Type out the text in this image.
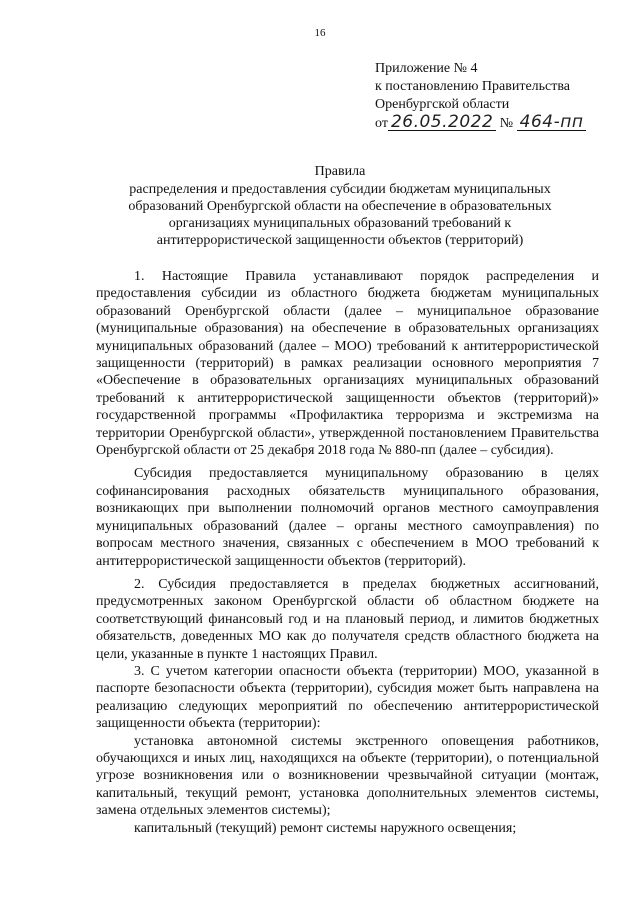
16
Приложение № 4
к постановлению Правительства
Оренбургской области
от 26.05.2022 № 464-пп
Правила
распределения и предоставления субсидии бюджетам муниципальных
образований Оренбургской области на обеспечение в образовательных
организациях муниципальных образований требований к
антитеррористической защищенности объектов (территорий)

1. Настоящие Правила устанавливают порядок распределения и предоставления субсидии из областного бюджета бюджетам муниципальных образований Оренбургской области (далее – муниципальное образование (муниципальные образования) на обеспечение в образовательных организациях муниципальных образований (далее – МОО) требований к антитеррористической защищенности (территорий) в рамках реализации основного мероприятия 7 «Обеспечение в образовательных организациях муниципальных образований требований к антитеррористической защищенности объектов (территорий)» государственной программы «Профилактика терроризма и экстремизма на территории Оренбургской области», утвержденной постановлением Правительства Оренбургской области от 25 декабря 2018 года № 880-пп (далее – субсидия).

Субсидия предоставляется муниципальному образованию в целях софинансирования расходных обязательств муниципального образования, возникающих при выполнении полномочий органов местного самоуправления муниципальных образований (далее – органы местного самоуправления) по вопросам местного значения, связанных с обеспечением в МОО требований к антитеррористической защищенности объектов (территорий).

2. Субсидия предоставляется в пределах бюджетных ассигнований, предусмотренных законом Оренбургской области об областном бюджете на соответствующий финансовый год и на плановый период, и лимитов бюджетных обязательств, доведенных МО как до получателя средств областного бюджета на цели, указанные в пункте 1 настоящих Правил.

3. С учетом категории опасности объекта (территории) МОО, указанной в паспорте безопасности объекта (территории), субсидия может быть направлена на реализацию следующих мероприятий по обеспечению антитеррористической защищенности объекта (территории):

установка автономной системы экстренного оповещения работников, обучающихся и иных лиц, находящихся на объекте (территории), о потенциальной угрозе возникновения или о возникновении чрезвычайной ситуации (монтаж, капитальный, текущий ремонт, установка дополнительных элементов системы, замена отдельных элементов системы);

капитальный (текущий) ремонт системы наружного освещения;
